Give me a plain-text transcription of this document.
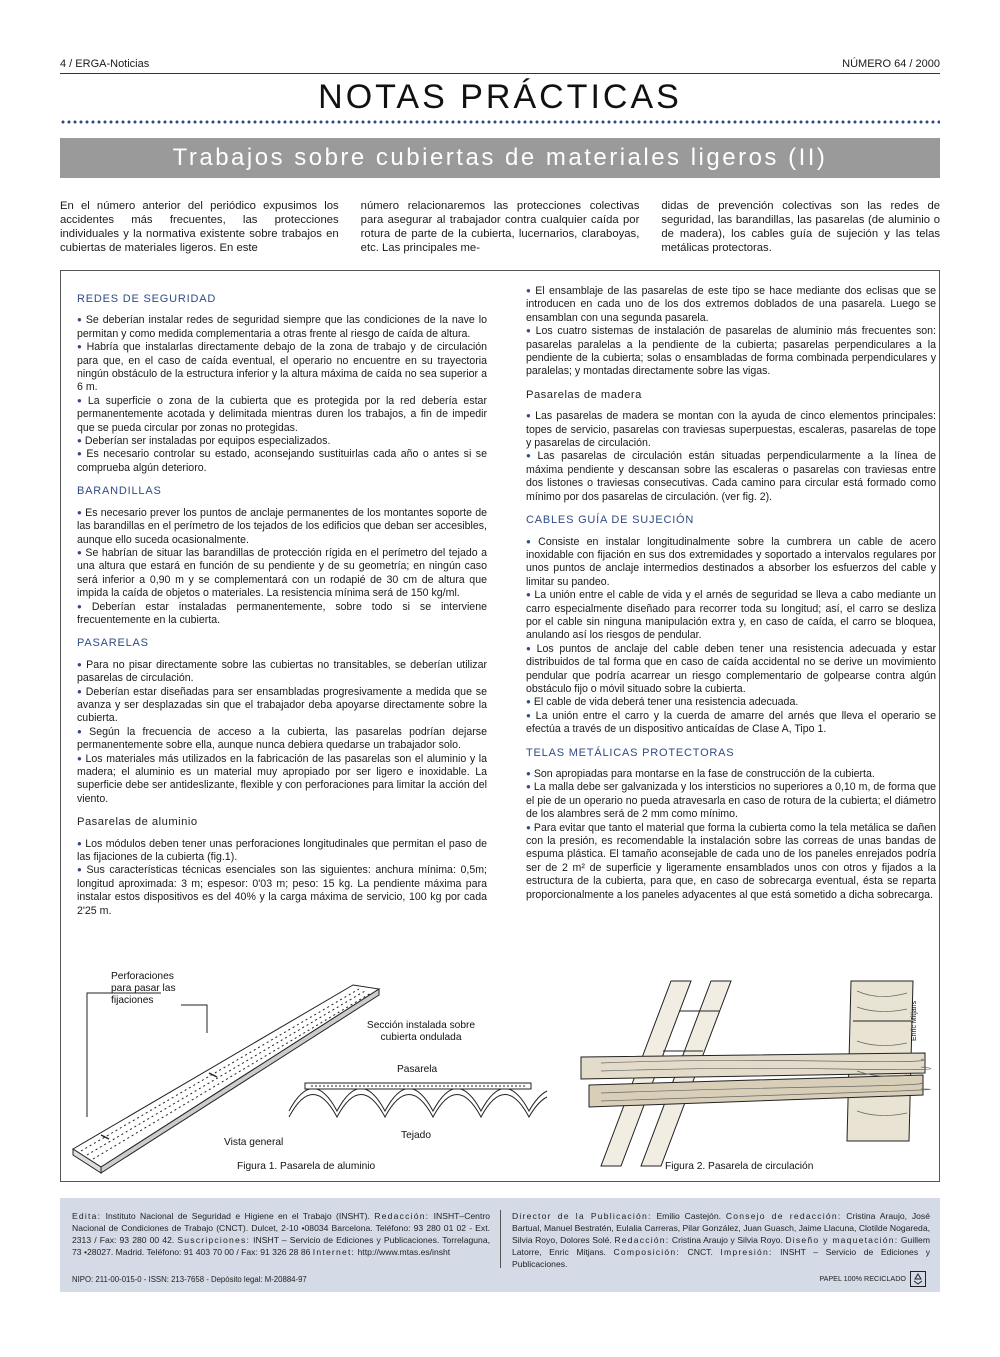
4 / ERGA-Noticias	NÚMERO 64 / 2000
NOTAS PRÁCTICAS
Trabajos sobre cubiertas de materiales ligeros (II)

En el número anterior del periódico expusimos los accidentes más frecuentes, las protecciones individuales y la normativa existente sobre trabajos en cubiertas de materiales ligeros. En este

número relacionaremos las protecciones colectivas para asegurar al trabajador contra cualquier caída por rotura de parte de la cubierta, lucernarios, claraboyas, etc. Las principales me-

didas de prevención colectivas son las redes de seguridad, las barandillas, las pasarelas (de aluminio o de madera), los cables guía de sujeción y las telas metálicas protectoras.

REDES DE SEGURIDAD

● Se deberían instalar redes de seguridad siempre que las condiciones de la nave lo permitan y como medida complementaria a otras frente al riesgo de caída de altura.

● Habría que instalarlas directamente debajo de la zona de trabajo y de circulación para que, en el caso de caída eventual, el operario no encuentre en su trayectoria ningún obstáculo de la estructura inferior y la altura máxima de caída no sea superior a 6 m.

● La superficie o zona de la cubierta que es protegida por la red debería estar permanentemente acotada y delimitada mientras duren los trabajos, a fin de impedir que se pueda circular por zonas no protegidas.

● Deberían ser instaladas por equipos especializados.

● Es necesario controlar su estado, aconsejando sustituirlas cada año o antes si se comprueba algún deterioro.

BARANDILLAS

● Es necesario prever los puntos de anclaje permanentes de los montantes soporte de las barandillas en el perímetro de los tejados de los edificios que deban ser accesibles, aunque ello suceda ocasionalmente.

● Se habrían de situar las barandillas de protección rígida en el perímetro del tejado a una altura que estará en función de su pendiente y de su geometría; en ningún caso será inferior a 0,90 m y se complementará con un rodapié de 30 cm de altura que impida la caída de objetos o materiales. La resistencia mínima será de 150 kg/ml.

● Deberían estar instaladas permanentemente, sobre todo si se interviene frecuentemente en la cubierta.

PASARELAS

● Para no pisar directamente sobre las cubiertas no transitables, se deberían utilizar pasarelas de circulación.

● Deberían estar diseñadas para ser ensambladas progresivamente a medida que se avanza y ser desplazadas sin que el trabajador deba apoyarse directamente sobre la cubierta.

● Según la frecuencia de acceso a la cubierta, las pasarelas podrían dejarse permanentemente sobre ella, aunque nunca debiera quedarse un trabajador solo.

● Los materiales más utilizados en la fabricación de las pasarelas son el aluminio y la madera; el aluminio es un material muy apropiado por ser ligero e inoxidable. La superficie debe ser antideslizante, flexible y con perforaciones para limitar la acción del viento.

Pasarelas de aluminio

● Los módulos deben tener unas perforaciones longitudinales que permitan el paso de las fijaciones de la cubierta (fig.1).

● Sus características técnicas esenciales son las siguientes: anchura mínima: 0,5m; longitud aproximada: 3 m; espesor: 0'03 m; peso: 15 kg. La pendiente máxima para instalar estos dispositivos es del 40% y la carga máxima de servicio, 100 kg por cada 2'25 m.

● El ensamblaje de las pasarelas de este tipo se hace mediante dos eclisas que se introducen en cada uno de los dos extremos doblados de una pasarela. Luego se ensamblan con una segunda pasarela.

● Los cuatro sistemas de instalación de pasarelas de aluminio más frecuentes son: pasarelas paralelas a la pendiente de la cubierta; pasarelas perpendiculares a la pendiente de la cubierta; solas o ensambladas de forma combinada perpendiculares y paralelas; y montadas directamente sobre las vigas.

Pasarelas de madera

● Las pasarelas de madera se montan con la ayuda de cinco elementos principales: topes de servicio, pasarelas con traviesas superpuestas, escaleras, pasarelas de tope y pasarelas de circulación.

● Las pasarelas de circulación están situadas perpendicularmente a la línea de máxima pendiente y descansan sobre las escaleras o pasarelas con traviesas entre dos listones o traviesas consecutivas. Cada camino para circular está formado como mínimo por dos pasarelas de circulación. (ver fig. 2).

CABLES GUÍA DE SUJECIÓN

● Consiste en instalar longitudinalmente sobre la cumbrera un cable de acero inoxidable con fijación en sus dos extremidades y soportado a intervalos regulares por unos puntos de anclaje intermedios destinados a absorber los esfuerzos del cable y limitar su pandeo.

● La unión entre el cable de vida y el arnés de seguridad se lleva a cabo mediante un carro especialmente diseñado para recorrer toda su longitud; así, el carro se desliza por el cable sin ninguna manipulación extra y, en caso de caída, el carro se bloquea, anulando así los riesgos de pendular.

● Los puntos de anclaje del cable deben tener una resistencia adecuada y estar distribuidos de tal forma que en caso de caída accidental no se derive un movimiento pendular que podría acarrear un riesgo complementario de golpearse contra algún obstáculo fijo o móvil situado sobre la cubierta.

● El cable de vida deberá tener una resistencia adecuada.

● La unión entre el carro y la cuerda de amarre del arnés que lleva el operario se efectúa a través de un dispositivo anticaídas de Clase A, Tipo 1.

TELAS METÁLICAS PROTECTORAS

● Son apropiadas para montarse en la fase de construcción de la cubierta.

● La malla debe ser galvanizada y los intersticios no superiores a 0,10 m, de forma que el pie de un operario no pueda atravesarla en caso de rotura de la cubierta; el diámetro de los alambres será de 2 mm como mínimo.

● Para evitar que tanto el material que forma la cubierta como la tela metálica se dañen con la presión, es recomendable la instalación sobre las correas de unas bandas de espuma plástica. El tamaño aconsejable de cada uno de los paneles enrejados podría ser de 2 m² de superficie y ligeramente ensamblados unos con otros y fijados a la estructura de la cubierta, para que, en caso de sobrecarga eventual, ésta se reparta proporcionalmente a los paneles adyacentes al que está sometido a dicha sobrecarga.

Perforaciones
para pasar las
fijaciones
Sección instalada sobre
cubierta ondulada
Pasarela
Tejado
Vista general
Figura 1. Pasarela de aluminio	Figura 2. Pasarela de circulación
Enric Mitjans
Edita: Instituto Nacional de Seguridad e Higiene en el Trabajo (INSHT). Redacción: INSHT–Centro Nacional de Condiciones de Trabajo (CNCT). Dulcet, 2-10 •08034 Barcelona. Teléfono: 93 280 01 02 - Ext. 2313 / Fax: 93 280 00 42. Suscripciones: INSHT – Servicio de Ediciones y Publicaciones. Torrelaguna, 73 •28027. Madrid. Teléfono: 91 403 70 00 / Fax: 91 326 28 86 Internet: http://www.mtas.es/insht
Director de la Publicación: Emilio Castejón. Consejo de redacción: Cristina Araujo, José Bartual, Manuel Bestratén, Eulalia Carreras, Pilar González, Juan Guasch, Jaime Llacuna, Clotilde Nogareda, Silvia Royo, Dolores Solé. Redacción: Cristina Araujo y Silvia Royo. Diseño y maquetación: Guillem Latorre, Enric Mitjans. Composición: CNCT. Impresión: INSHT – Servicio de Ediciones y Publicaciones.
NIPO: 211-00-015-0 - ISSN: 213-7658 - Depósito legal: M-20884-97	PAPEL 100% RECICLADO
